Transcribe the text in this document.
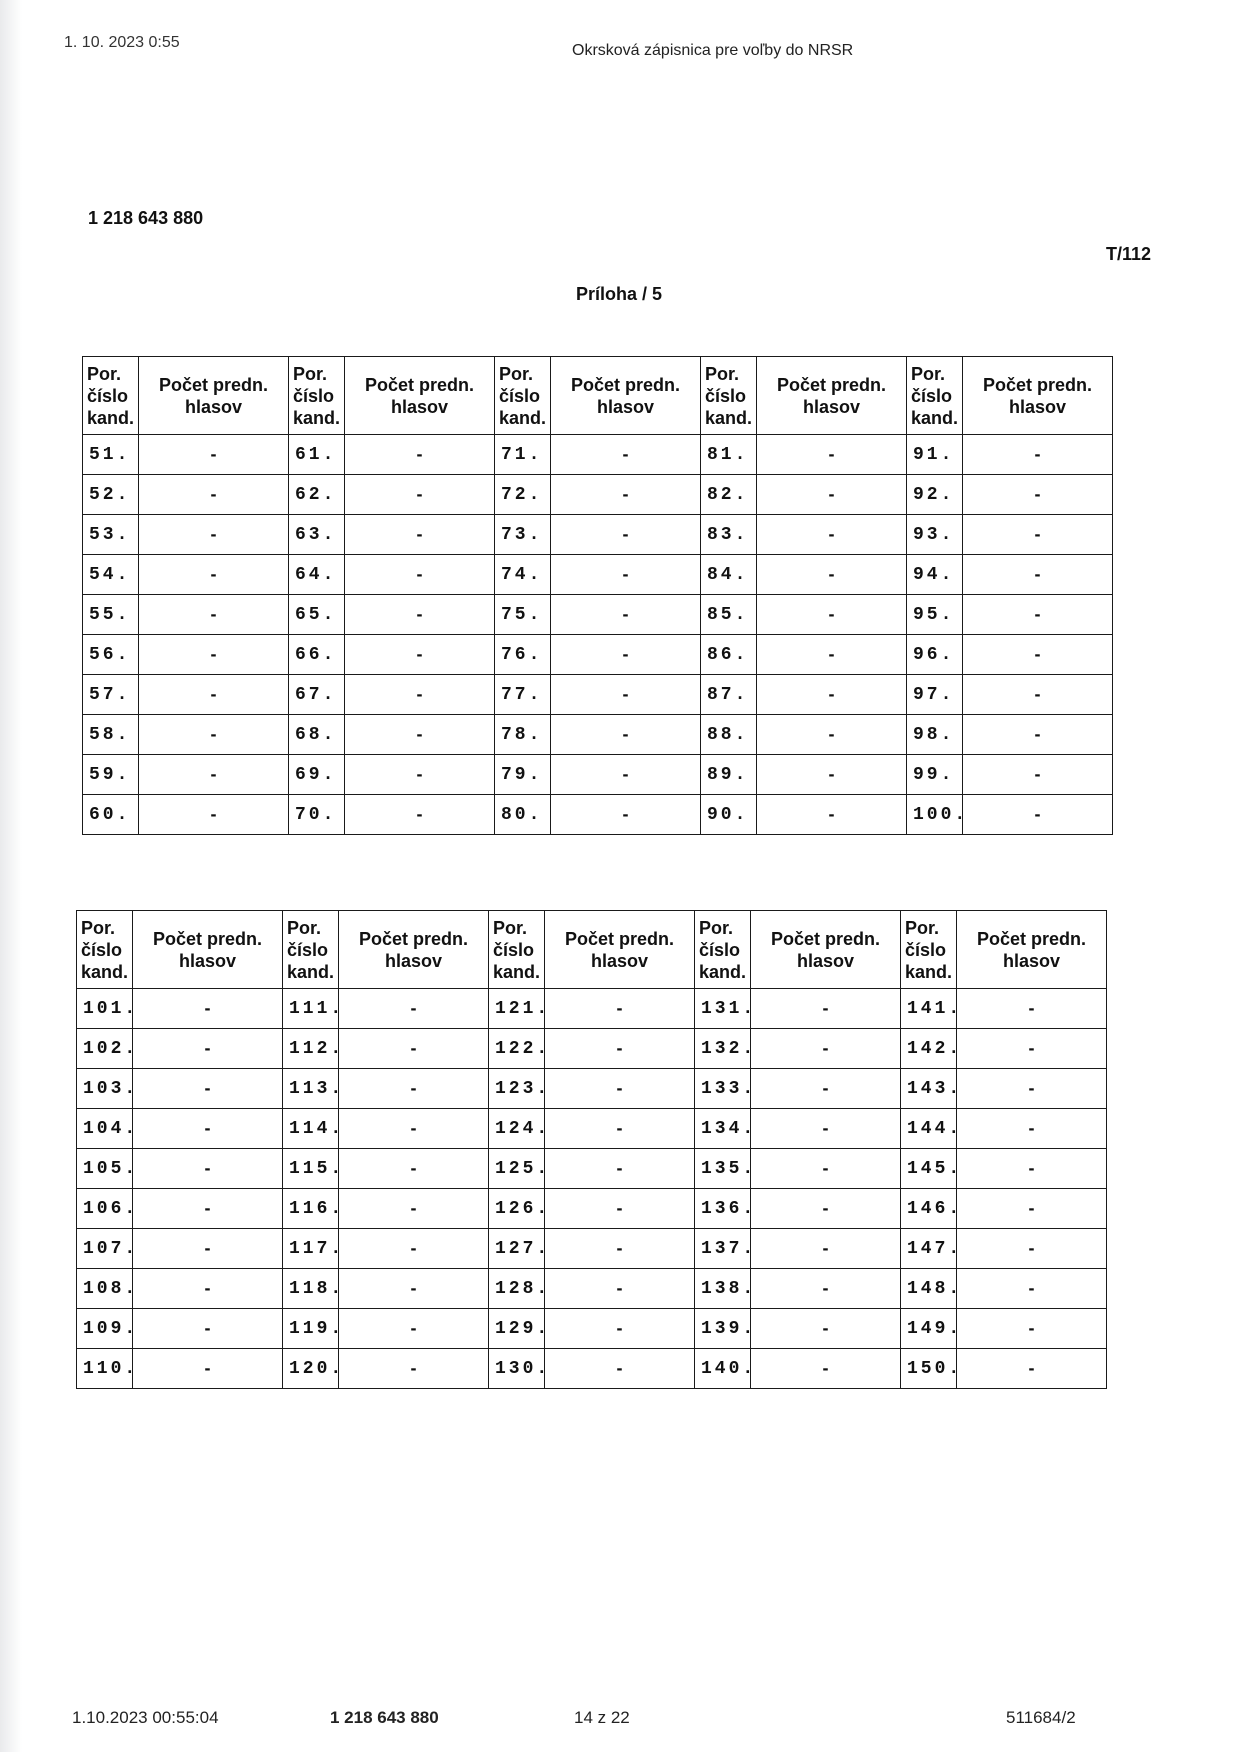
1. 10. 2023 0:55	Okrsková zápisnica pre voľby do NRSR
1 218 643 880
T/112
Príloha / 5
Por.
číslo
kand.	Počet predn.
hlasov	Por.
číslo
kand.	Počet predn.
hlasov	Por.
číslo
kand.	Počet predn.
hlasov	Por.
číslo
kand.	Počet predn.
hlasov	Por.
číslo
kand.	Počet predn.
hlasov
51.	-	61.	-	71.	-	81.	-	91.	-
52.	-	62.	-	72.	-	82.	-	92.	-
53.	-	63.	-	73.	-	83.	-	93.	-
54.	-	64.	-	74.	-	84.	-	94.	-
55.	-	65.	-	75.	-	85.	-	95.	-
56.	-	66.	-	76.	-	86.	-	96.	-
57.	-	67.	-	77.	-	87.	-	97.	-
58.	-	68.	-	78.	-	88.	-	98.	-
59.	-	69.	-	79.	-	89.	-	99.	-
60.	-	70.	-	80.	-	90.	-	100.	-
Por.
číslo
kand.	Počet predn.
hlasov	Por.
číslo
kand.	Počet predn.
hlasov	Por.
číslo
kand.	Počet predn.
hlasov	Por.
číslo
kand.	Počet predn.
hlasov	Por.
číslo
kand.	Počet predn.
hlasov
101.	-	111.	-	121.	-	131.	-	141.	-
102.	-	112.	-	122.	-	132.	-	142.	-
103.	-	113.	-	123.	-	133.	-	143.	-
104.	-	114.	-	124.	-	134.	-	144.	-
105.	-	115.	-	125.	-	135.	-	145.	-
106.	-	116.	-	126.	-	136.	-	146.	-
107.	-	117.	-	127.	-	137.	-	147.	-
108.	-	118.	-	128.	-	138.	-	148.	-
109.	-	119.	-	129.	-	139.	-	149.	-
110.	-	120.	-	130.	-	140.	-	150.	-
1.10.2023 00:55:04	1 218 643 880	14 z 22	511684/2
